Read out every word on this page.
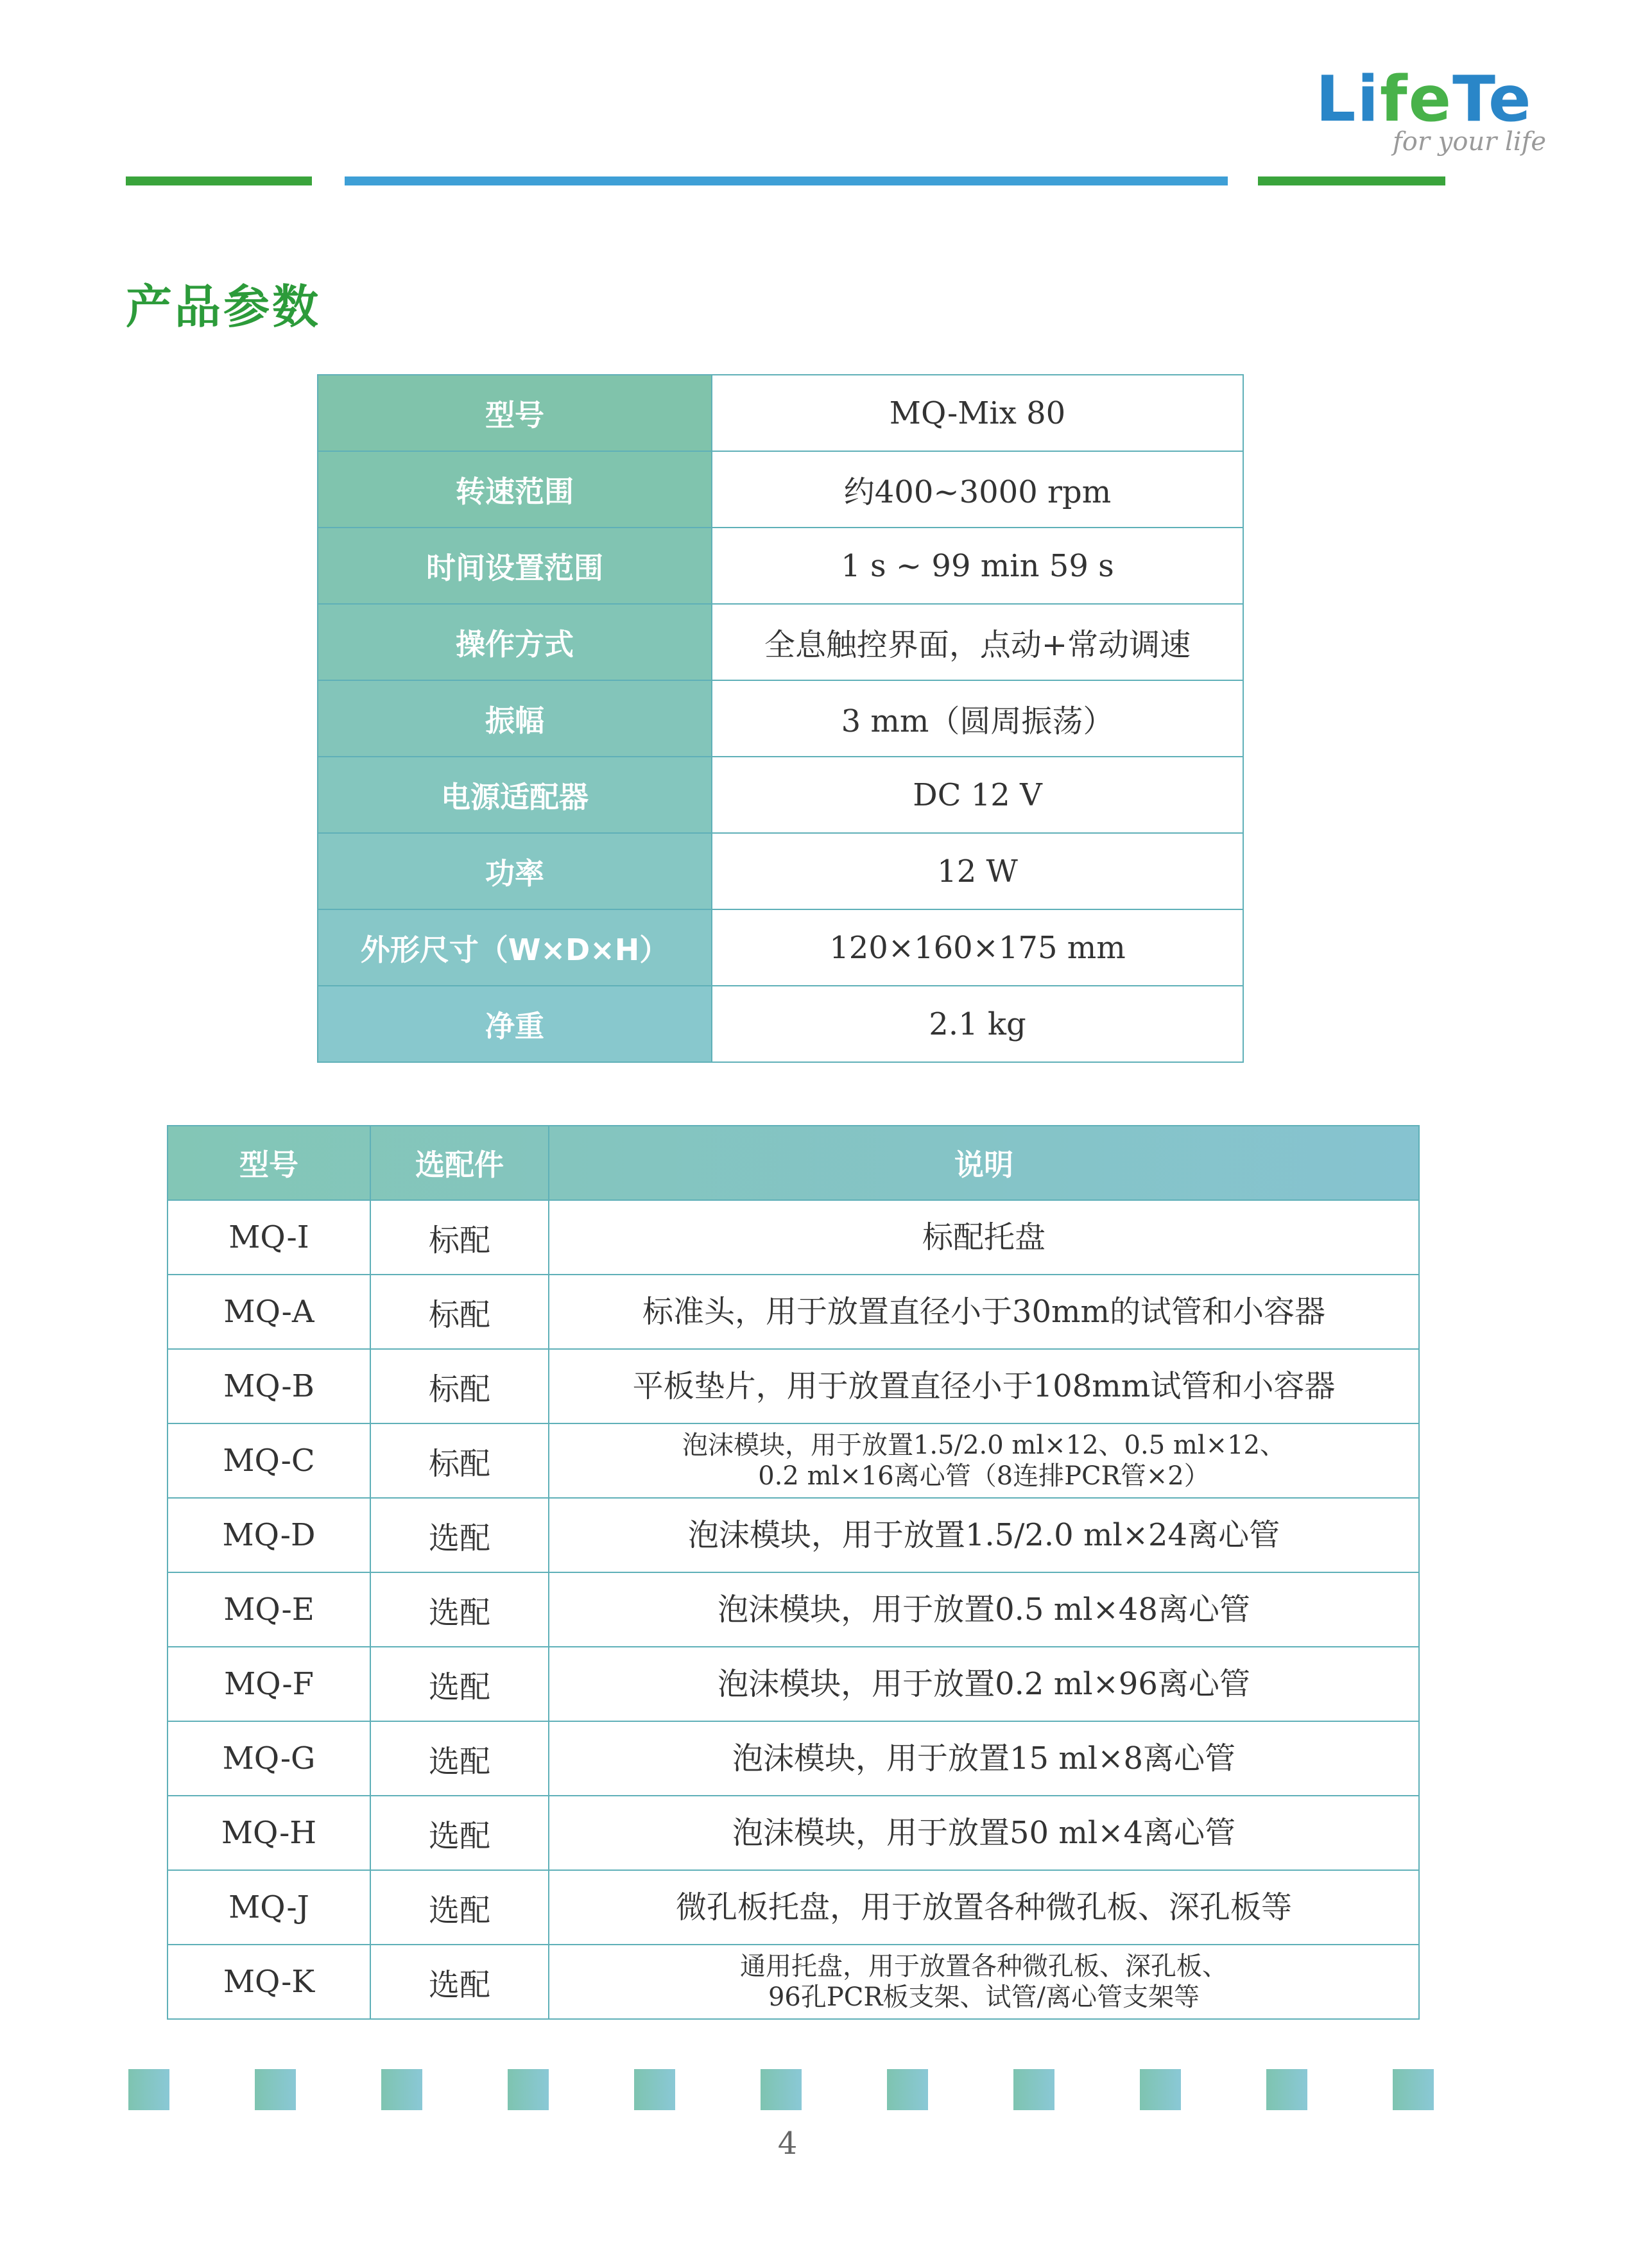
LifeTe
for your life
产品参数
型号	MQ-Mix 80
转速范围	约400~3000 rpm
时间设置范围	1 s ~ 99 min 59 s
操作方式	全息触控界面，点动+常动调速
振幅	3 mm（圆周振荡）
电源适配器	DC 12 V
功率	12 W
外形尺寸（W×D×H）	120×160×175 mm
净重	2.1 kg
型号	选配件	说明
MQ-I	标配	标配托盘
MQ-A	标配	标准头，用于放置直径小于30mm的试管和小容器
MQ-B	标配	平板垫片，用于放置直径小于108mm试管和小容器
MQ-C	标配
泡沫模块，用于放置1.5/2.0 ml×12、0.5 ml×12、
0.2 ml×16离心管（8连排PCR管×2）
MQ-D	选配	泡沫模块，用于放置1.5/2.0 ml×24离心管
MQ-E	选配	泡沫模块，用于放置0.5 ml×48离心管
MQ-F	选配	泡沫模块，用于放置0.2 ml×96离心管
MQ-G	选配	泡沫模块，用于放置15 ml×8离心管
MQ-H	选配	泡沫模块，用于放置50 ml×4离心管
MQ-J	选配	微孔板托盘，用于放置各种微孔板、深孔板等
MQ-K	选配
通用托盘，用于放置各种微孔板、深孔板、
96孔PCR板支架、试管/离心管支架等
4
